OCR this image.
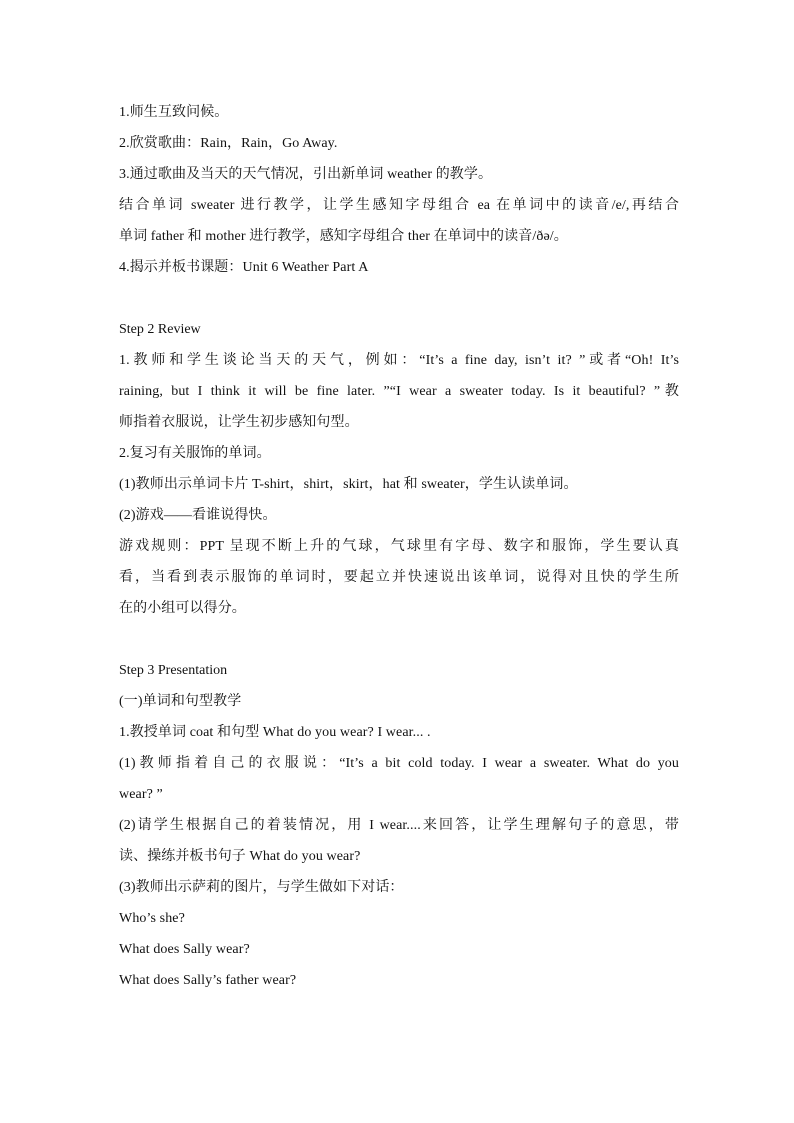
1.师生互致问候。
2.欣赏歌曲：Rain，Rain，Go Away.
3.通过歌曲及当天的天气情况，引出新单词 weather 的教学。
结合单词 sweater 进行教学，让学生感知字母组合 ea 在单词中的读音/e/,再结合
单词 father 和 mother 进行教学，感知字母组合 ther 在单词中的读音/ðə/。
4.揭示并板书课题：Unit 6 Weather Part A
Step 2 Review
1.教师和学生谈论当天的天气，例如：“It’s a fine day, isn’t it? ”或者“Oh! It’s
raining, but I think it will be fine later. ”“I wear a sweater today. Is it beautiful? ”教
师指着衣服说，让学生初步感知句型。
2.复习有关服饰的单词。
(1)教师出示单词卡片 T-shirt，shirt，skirt，hat 和 sweater，学生认读单词。
(2)游戏——看谁说得快。
游戏规则：PPT 呈现不断上升的气球，气球里有字母、数字和服饰，学生要认真
看，当看到表示服饰的单词时，要起立并快速说出该单词，说得对且快的学生所
在的小组可以得分。
Step 3 Presentation
(一)单词和句型教学
1.教授单词 coat 和句型 What do you wear? I wear... .
(1)教师指着自己的衣服说：“It’s a bit cold today. I wear a sweater. What do you
wear? ”
(2)请学生根据自己的着装情况，用 I wear....来回答，让学生理解句子的意思，带
读、操练并板书句子 What do you wear?
(3)教师出示萨莉的图片，与学生做如下对话：
Who’s she?
What does Sally wear?
What does Sally’s father wear?
